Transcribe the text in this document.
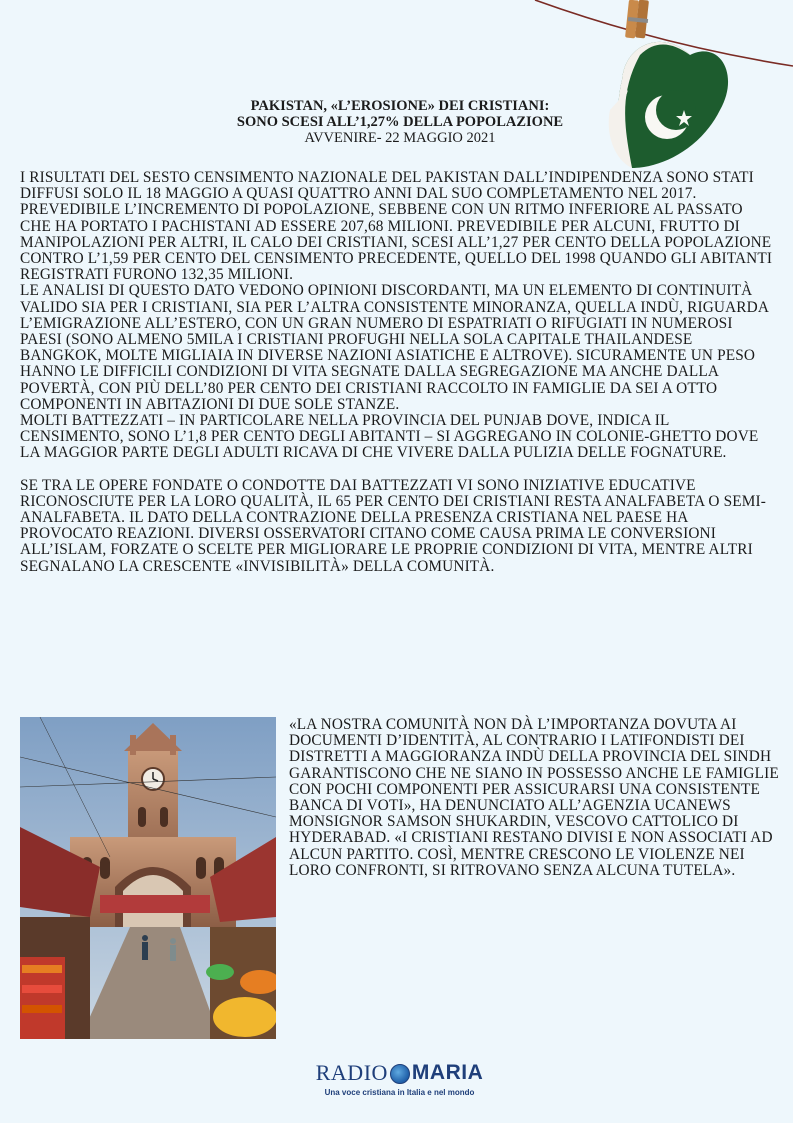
PAKISTAN, «L’EROSIONE» DEI CRISTIANI:
SONO SCESI ALL’1,27% DELLA POPOLAZIONE
AVVENIRE- 22 MAGGIO 2021

I RISULTATI DEL SESTO CENSIMENTO NAZIONALE DEL PAKISTAN DALL’INDIPENDENZA SONO STATI DIFFUSI SOLO IL 18 MAGGIO A QUASI QUATTRO ANNI DAL SUO COMPLETAMENTO NEL 2017. PREVEDIBILE L’INCREMENTO DI POPOLAZIONE, SEBBENE CON UN RITMO INFERIORE AL PASSATO CHE HA PORTATO I PACHISTANI AD ESSERE 207,68 MILIONI. PREVEDIBILE PER ALCUNI, FRUTTO DI MANIPOLAZIONI PER ALTRI, IL CALO DEI CRISTIANI, SCESI ALL’1,27 PER CENTO DELLA POPOLAZIONE CONTRO L’1,59 PER CENTO DEL CENSIMENTO PRECEDENTE, QUELLO DEL 1998 QUANDO GLI ABITANTI REGISTRATI FURONO 132,35 MILIONI.

LE ANALISI DI QUESTO DATO VEDONO OPINIONI DISCORDANTI, MA UN ELEMENTO DI CONTINUITÀ VALIDO SIA PER I CRISTIANI, SIA PER L’ALTRA CONSISTENTE MINORANZA, QUELLA INDÙ, RIGUARDA L’EMIGRAZIONE ALL’ESTERO, CON UN GRAN NUMERO DI ESPATRIATI O RIFUGIATI IN NUMEROSI PAESI (SONO ALMENO 5MILA I CRISTIANI PROFUGHI NELLA SOLA CAPITALE THAILANDESE BANGKOK, MOLTE MIGLIAIA IN DIVERSE NAZIONI ASIATICHE E ALTROVE). SICURAMENTE UN PESO HANNO LE DIFFICILI CONDIZIONI DI VITA SEGNATE DALLA SEGREGAZIONE MA ANCHE DALLA POVERTÀ, CON PIÙ DELL’80 PER CENTO DEI CRISTIANI RACCOLTO IN FAMIGLIE DA SEI A OTTO COMPONENTI IN ABITAZIONI DI DUE SOLE STANZE.

MOLTI BATTEZZATI – IN PARTICOLARE NELLA PROVINCIA DEL PUNJAB DOVE, INDICA IL CENSIMENTO, SONO L’1,8 PER CENTO DEGLI ABITANTI – SI AGGREGANO IN COLONIE-GHETTO DOVE LA MAGGIOR PARTE DEGLI ADULTI RICAVA DI CHE VIVERE DALLA PULIZIA DELLE FOGNATURE.

SE TRA LE OPERE FONDATE O CONDOTTE DAI BATTEZZATI VI SONO INIZIATIVE EDUCATIVE RICONOSCIUTE PER LA LORO QUALITÀ, IL 65 PER CENTO DEI CRISTIANI RESTA ANALFABETA O SEMI-ANALFABETA. IL DATO DELLA CONTRAZIONE DELLA PRESENZA CRISTIANA NEL PAESE HA PROVOCATO REAZIONI. DIVERSI OSSERVATORI CITANO COME CAUSA PRIMA LE CONVERSIONI ALL’ISLAM, FORZATE O SCELTE PER MIGLIORARE LE PROPRIE CONDIZIONI DI VITA, MENTRE ALTRI SEGNALANO LA CRESCENTE «INVISIBILITÀ» DELLA COMUNITÀ.

«LA NOSTRA COMUNITÀ NON DÀ L’IMPORTANZA DOVUTA AI DOCUMENTI D’IDENTITÀ, AL CONTRARIO I LATIFONDISTI DEI DISTRETTI A MAGGIORANZA INDÙ DELLA PROVINCIA DEL SINDH GARANTISCONO CHE NE SIANO IN POSSESSO ANCHE LE FAMIGLIE CON POCHI COMPONENTI PER ASSICURARSI UNA CONSISTENTE BANCA DI VOTI», HA DENUNCIATO ALL’AGENZIA UCANEWS MONSIGNOR SAMSON SHUKARDIN, VESCOVO CATTOLICO DI HYDERABAD. «I CRISTIANI RESTANO DIVISI E NON ASSOCIATI AD ALCUN PARTITO. COSÌ, MENTRE CRESCONO LE VIOLENZE NEI LORO CONFRONTI, SI RITROVANO SENZA ALCUNA TUTELA».
RADIO MARIA
Una voce cristiana in Italia e nel mondo
